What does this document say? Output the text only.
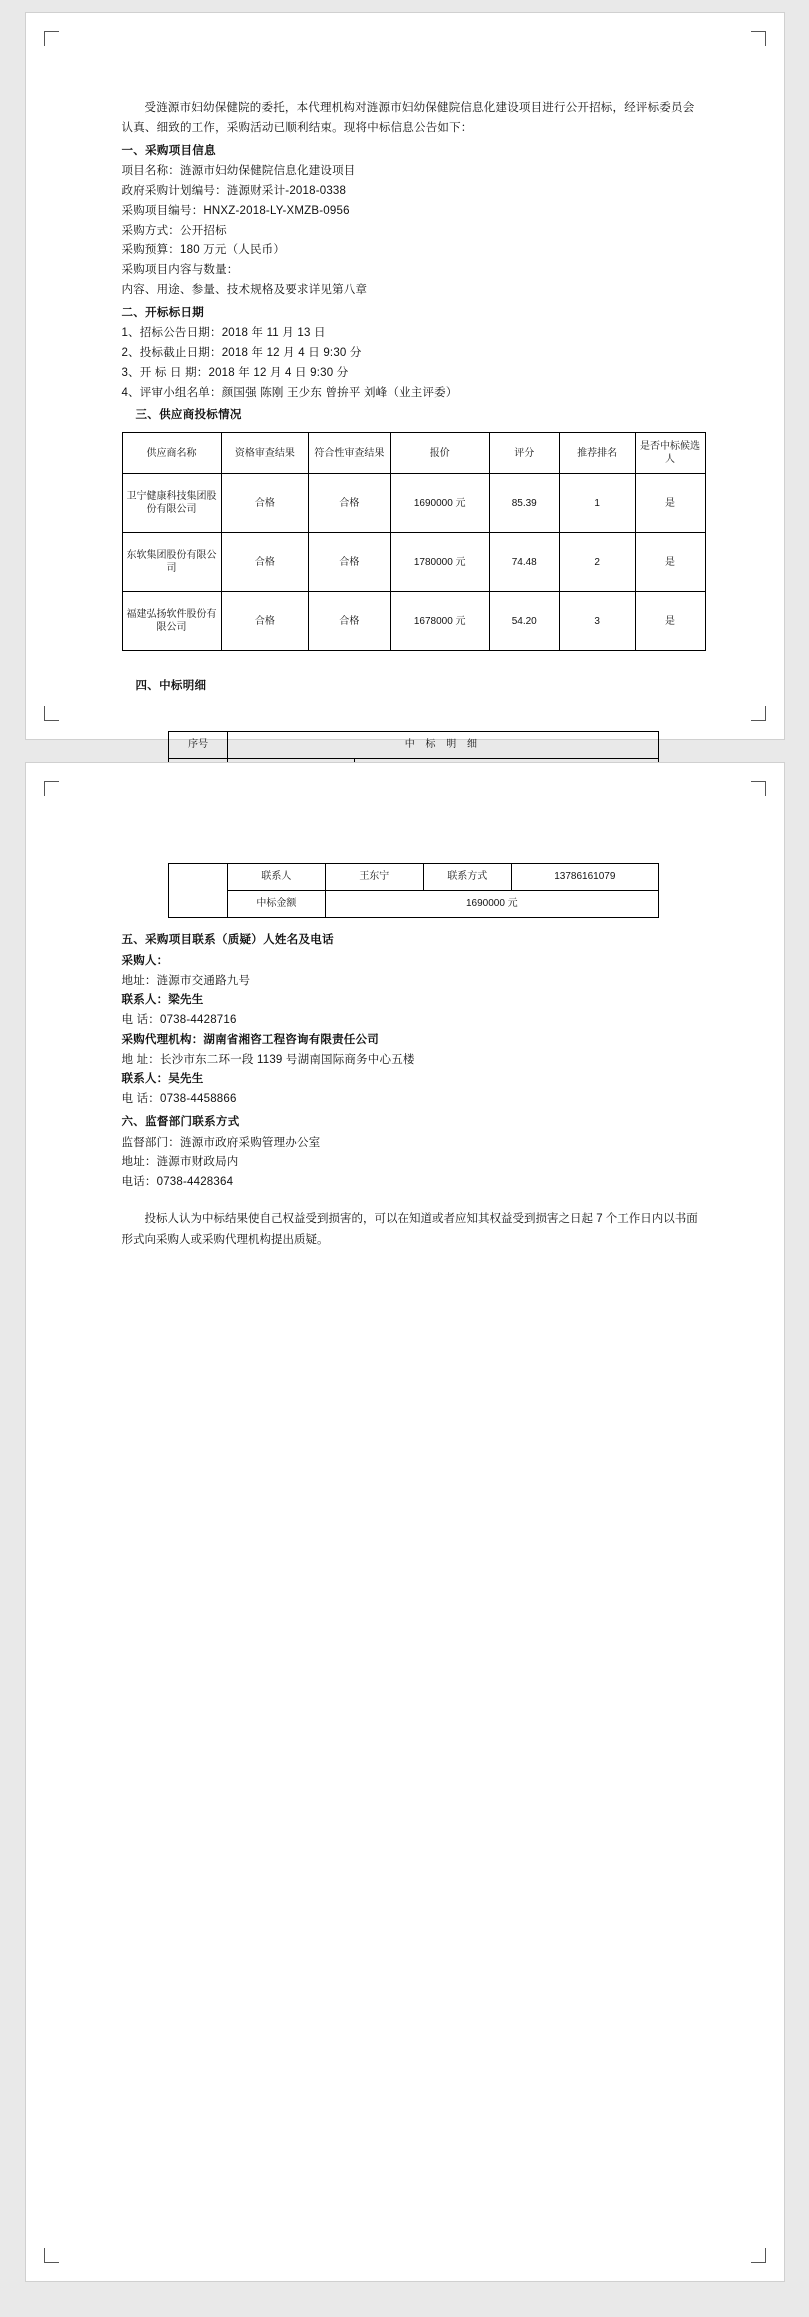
受涟源市妇幼保健院的委托，本代理机构对涟源市妇幼保健院信息化建设项目进行公开招标，经评标委员会认真、细致的工作，采购活动已顺利结束。现将中标信息公告如下：

一、采购项目信息

项目名称：涟源市妇幼保健院信息化建设项目

政府采购计划编号：涟源财采计-2018-0338

采购项目编号：HNXZ-2018-LY-XMZB-0956

采购方式：公开招标

采购预算：180 万元（人民币）

采购项目内容与数量：

内容、用途、参量、技术规格及要求详见第八章

二、开标标日期

1、招标公告日期：2018 年 11 月 13 日

2、投标截止日期：2018 年 12 月 4 日 9:30 分

3、开 标 日 期：2018 年 12 月 4 日 9:30 分

4、评审小组名单：颜国强 陈刚 王少东 曾拚平 刘峰（业主评委）

三、供应商投标情况

供应商名称	资格审查结果	符合性审查结果	报价	评分	推荐排名	是否中标候选人
卫宁健康科技集团股份有限公司	合格	合格	1690000 元	85.39	1	是
东软集团股份有限公司	合格	合格	1780000 元	74.48	2	是
福建弘扬软件股份有限公司	合格	合格	1678000 元	54.20	3	是

四、中标明细

序号	中 标 明 细	

	联系人	王东宁	联系方式	13786161079
	中标金额	1690000 元		

五、采购项目联系（质疑）人姓名及电话

采购人：

地址：涟源市交通路九号

联系人：梁先生

电 话：0738-4428716

采购代理机构：湖南省湘咨工程咨询有限责任公司

地 址：长沙市东二环一段 1139 号湖南国际商务中心五楼

联系人：吴先生

电 话：0738-4458866

六、监督部门联系方式

监督部门：涟源市政府采购管理办公室

地址：涟源市财政局内

电话：0738-4428364

投标人认为中标结果使自己权益受到损害的，可以在知道或者应知其权益受到损害之日起 7 个工作日内以书面形式向采购人或采购代理机构提出质疑。
